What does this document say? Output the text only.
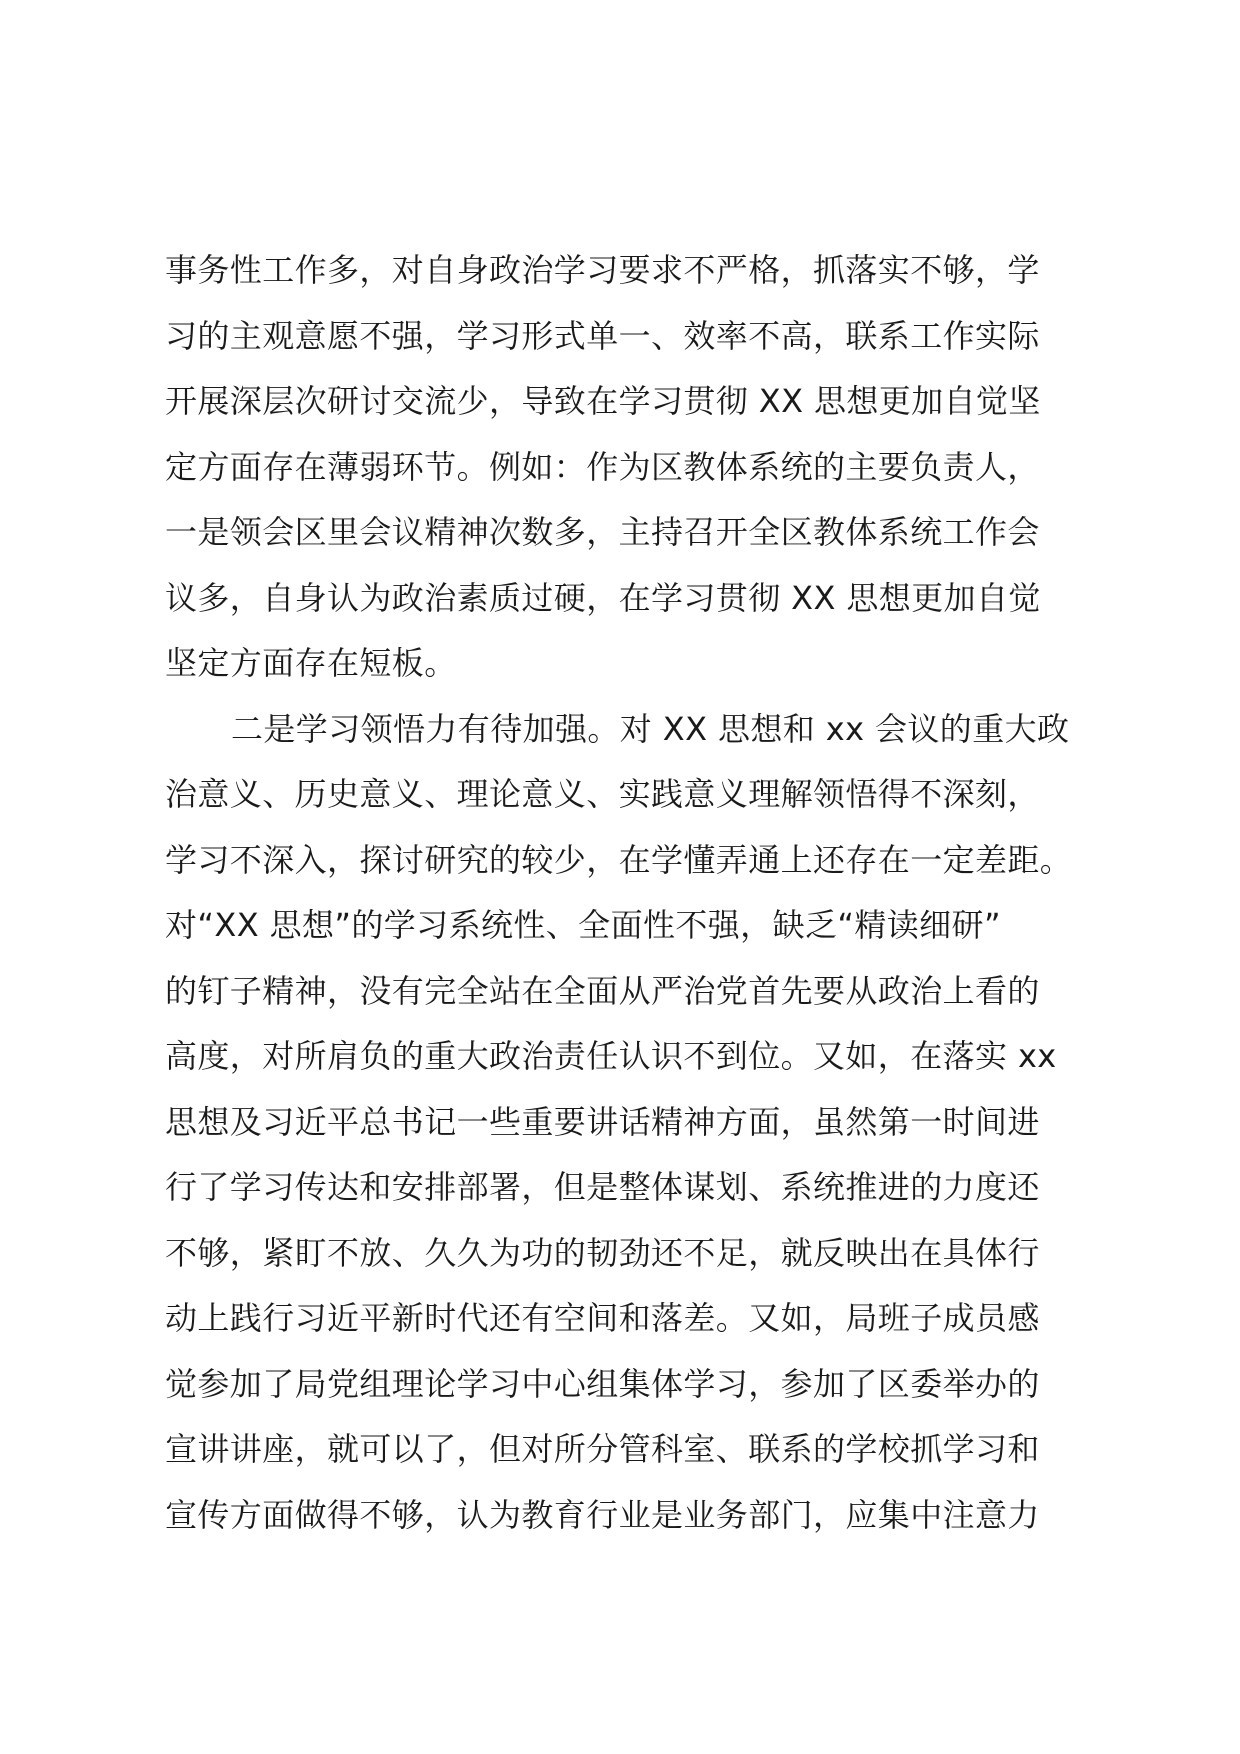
事务性工作多，对自身政治学习要求不严格，抓落实不够，学
习的主观意愿不强，学习形式单一、效率不高，联系工作实际
开展深层次研讨交流少，导致在学习贯彻 XX 思想更加自觉坚
定方面存在薄弱环节。例如：作为区教体系统的主要负责人，
一是领会区里会议精神次数多，主持召开全区教体系统工作会
议多，自身认为政治素质过硬，在学习贯彻 XX 思想更加自觉
坚定方面存在短板。
二是学习领悟力有待加强。对 XX 思想和 xx 会议的重大政
治意义、历史意义、理论意义、实践意义理解领悟得不深刻，
学习不深入，探讨研究的较少，在学懂弄通上还存在一定差距。
对“XX 思想”的学习系统性、全面性不强，缺乏“精读细研”
的钉子精神，没有完全站在全面从严治党首先要从政治上看的
高度，对所肩负的重大政治责任认识不到位。又如，在落实 xx
思想及习近平总书记一些重要讲话精神方面，虽然第一时间进
行了学习传达和安排部署，但是整体谋划、系统推进的力度还
不够，紧盯不放、久久为功的韧劲还不足，就反映出在具体行
动上践行习近平新时代还有空间和落差。又如，局班子成员感
觉参加了局党组理论学习中心组集体学习，参加了区委举办的
宣讲讲座，就可以了，但对所分管科室、联系的学校抓学习和
宣传方面做得不够，认为教育行业是业务部门，应集中注意力
